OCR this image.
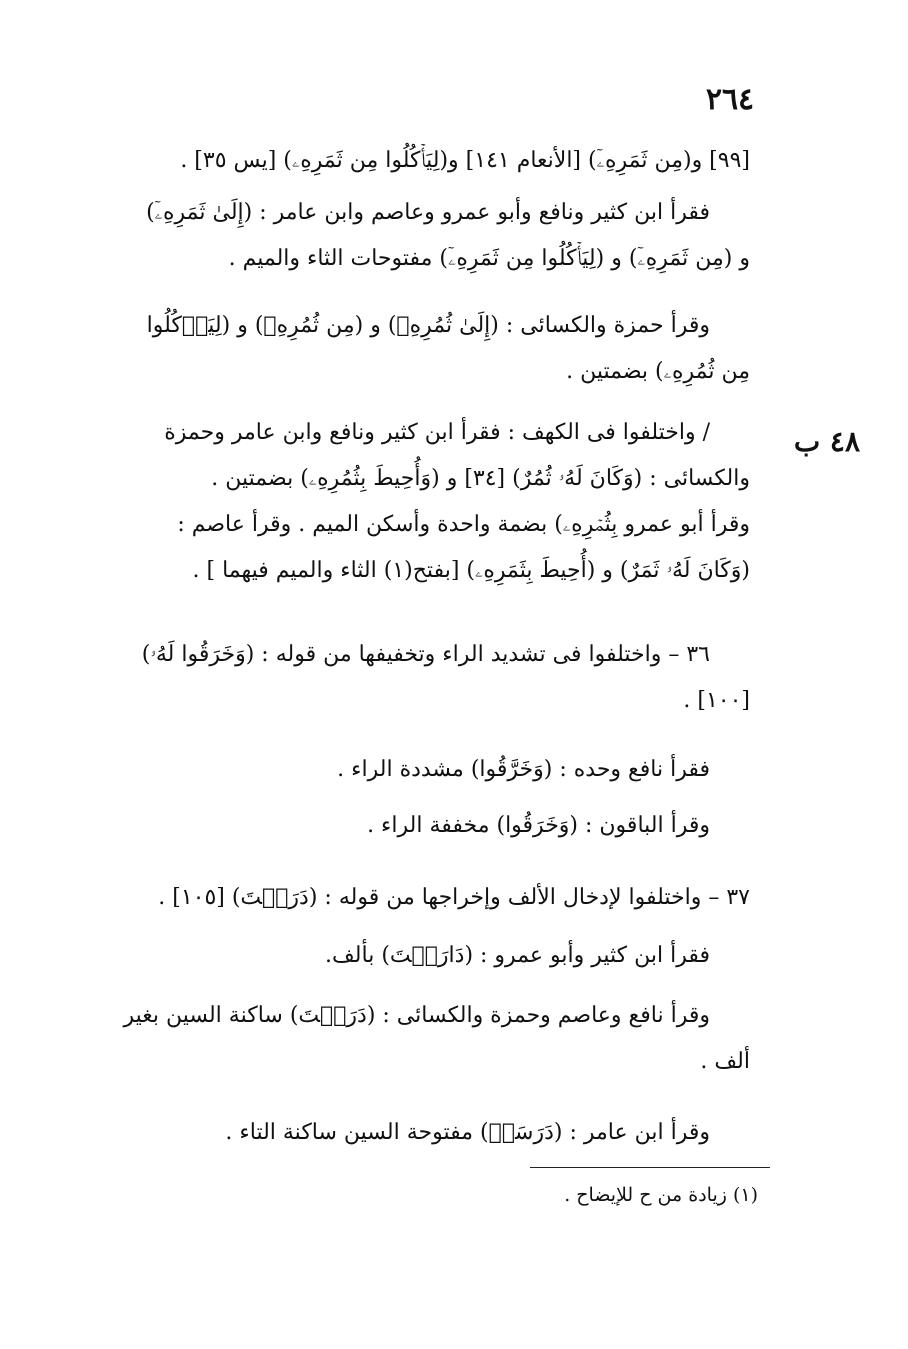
٢٦٤
٤٨ ب
[٩٩] و(مِن ثَمَرِهِۦٓ) [الأنعام ١٤١] و(لِيَأۡكُلُوا مِن ثَمَرِهِۦ) [يس ٣٥] .
فقرأ ابن كثير ونافع وأبو عمرو وعاصم وابن عامر : (إِلَىٰ ثَمَرِهِۦٓ)
و (مِن ثَمَرِهِۦٓ) و (لِيَأۡكُلُوا مِن ثَمَرِهِۦٓ) مفتوحات الثاء والميم .
وقرأ حمزة والكسائى : (إِلَىٰ ثُمُرِهِۦ) و (مِن ثُمُرِهِۦ) و (لِيَأۡكُلُوا
مِن ثُمُرِهِۦ) بضمتين .
/ واختلفوا فى الكهف : فقرأ ابن كثير ونافع وابن عامر وحمزة
والكسائى : (وَكَانَ لَهُۥ ثُمُرٌ) [٣٤] و (وَأُحِيطَ بِثُمُرِهِۦ) بضمتين .
وقرأ أبو عمرو بِثُمۡرِهِۦ) بضمة واحدة وأسكن الميم . وقرأ عاصم :
(وَكَانَ لَهُۥ ثَمَرٌ) و (أُحِيطَ بِثَمَرِهِۦ) [بفتح(١) الثاء والميم فيهما ] .
٣٦ – واختلفوا فى تشديد الراء وتخفيفها من قوله : (وَخَرَقُوا لَهُۥ)
[١٠٠] .
فقرأ نافع وحده : (وَخَرَّقُوا) مشددة الراء .
وقرأ الباقون : (وَخَرَقُوا) مخففة الراء .
٣٧ – واختلفوا لإدخال الألف وإخراجها من قوله : (دَرَسۡتَ) [١٠٥] .
فقرأ ابن كثير وأبو عمرو : (دَارَسۡتَ) بألف.
وقرأ نافع وعاصم وحمزة والكسائى : (دَرَسۡتَ) ساكنة السين بغير
ألف .
وقرأ ابن عامر : (دَرَسَتۡ) مفتوحة السين ساكنة التاء .
(١) زيادة من ح للإيضاح .
